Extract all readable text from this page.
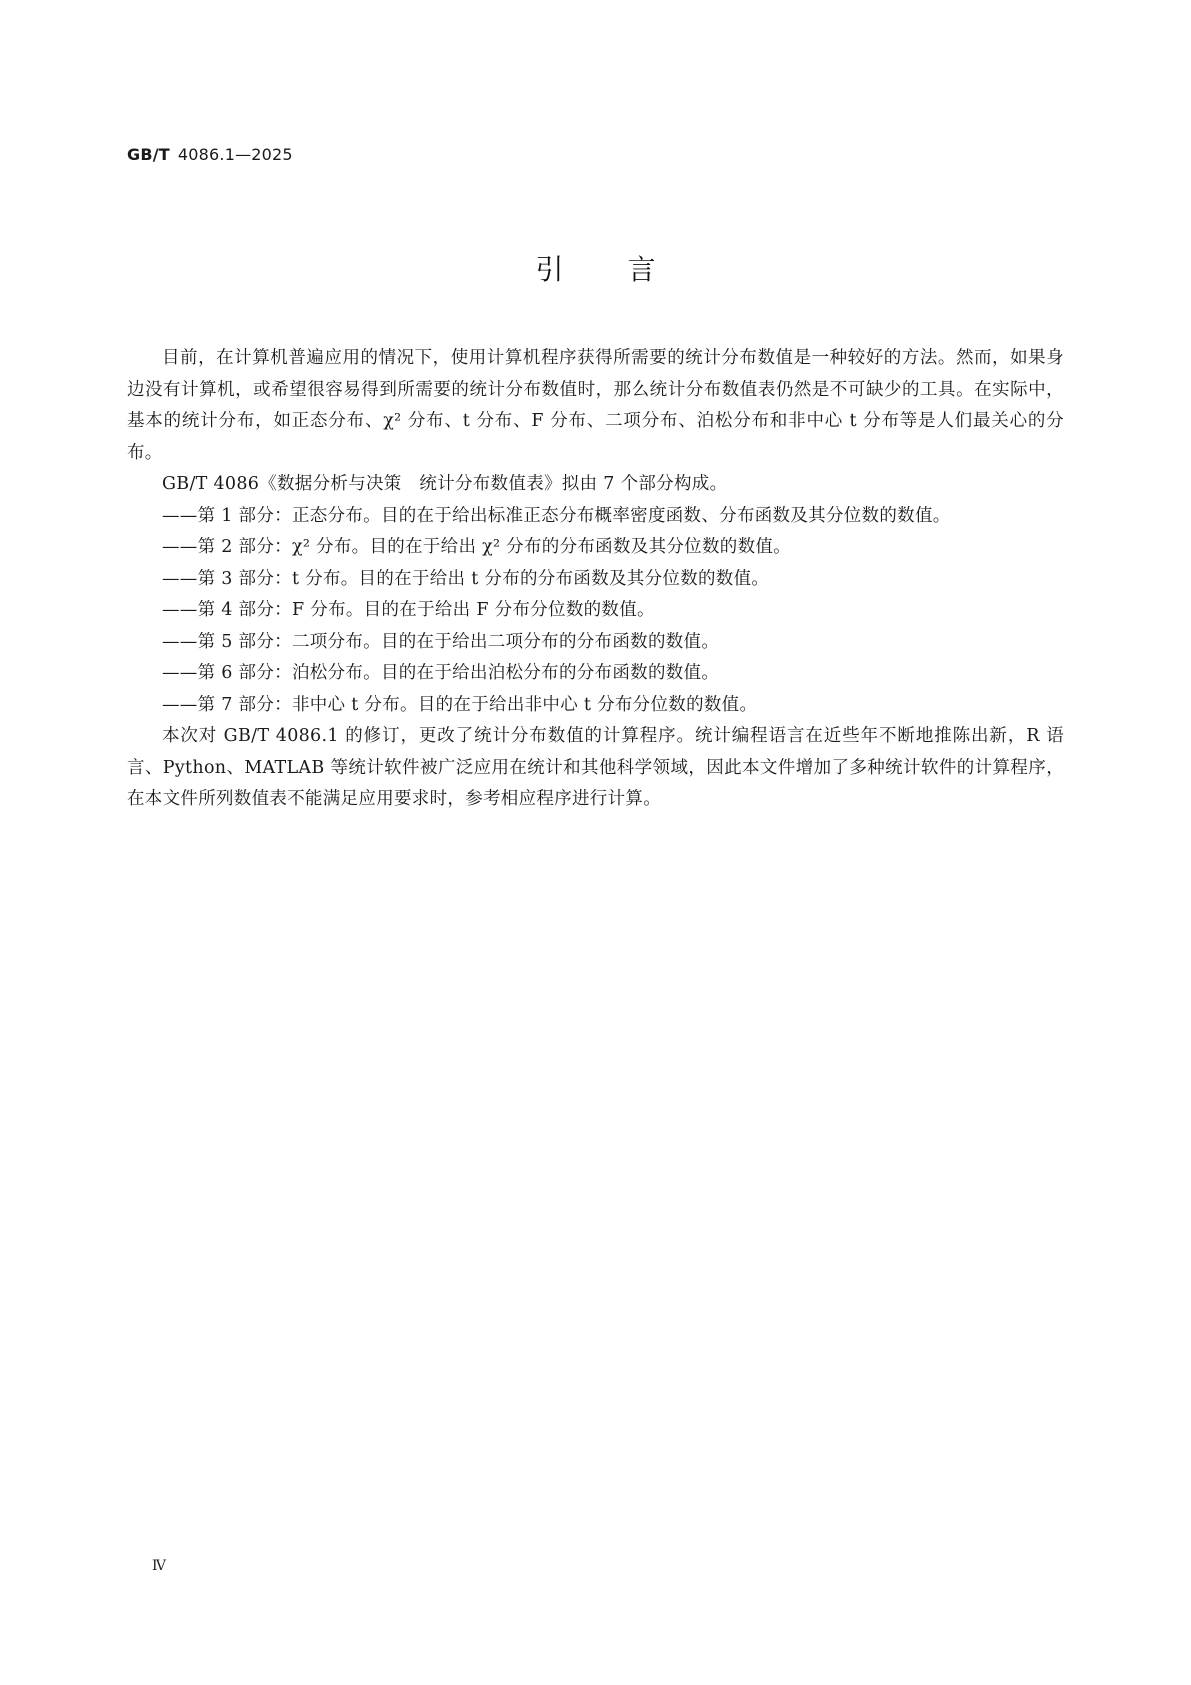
GB/T 4086.1—2025
引言

目前，在计算机普遍应用的情况下，使用计算机程序获得所需要的统计分布数值是一种较好的方法。然而，如果身边没有计算机，或希望很容易得到所需要的统计分布数值时，那么统计分布数值表仍然是不可缺少的工具。在实际中，基本的统计分布，如正态分布、χ² 分布、t 分布、F 分布、二项分布、泊松分布和非中心 t 分布等是人们最关心的分布。

GB/T 4086《数据分析与决策　统计分布数值表》拟由 7 个部分构成。

——第 1 部分：正态分布。目的在于给出标准正态分布概率密度函数、分布函数及其分位数的数值。

——第 2 部分：χ² 分布。目的在于给出 χ² 分布的分布函数及其分位数的数值。

——第 3 部分：t 分布。目的在于给出 t 分布的分布函数及其分位数的数值。

——第 4 部分：F 分布。目的在于给出 F 分布分位数的数值。

——第 5 部分：二项分布。目的在于给出二项分布的分布函数的数值。

——第 6 部分：泊松分布。目的在于给出泊松分布的分布函数的数值。

——第 7 部分：非中心 t 分布。目的在于给出非中心 t 分布分位数的数值。

本次对 GB/T 4086.1 的修订，更改了统计分布数值的计算程序。统计编程语言在近些年不断地推陈出新，R 语言、Python、MATLAB 等统计软件被广泛应用在统计和其他科学领域，因此本文件增加了多种统计软件的计算程序，在本文件所列数值表不能满足应用要求时，参考相应程序进行计算。

Ⅳ
